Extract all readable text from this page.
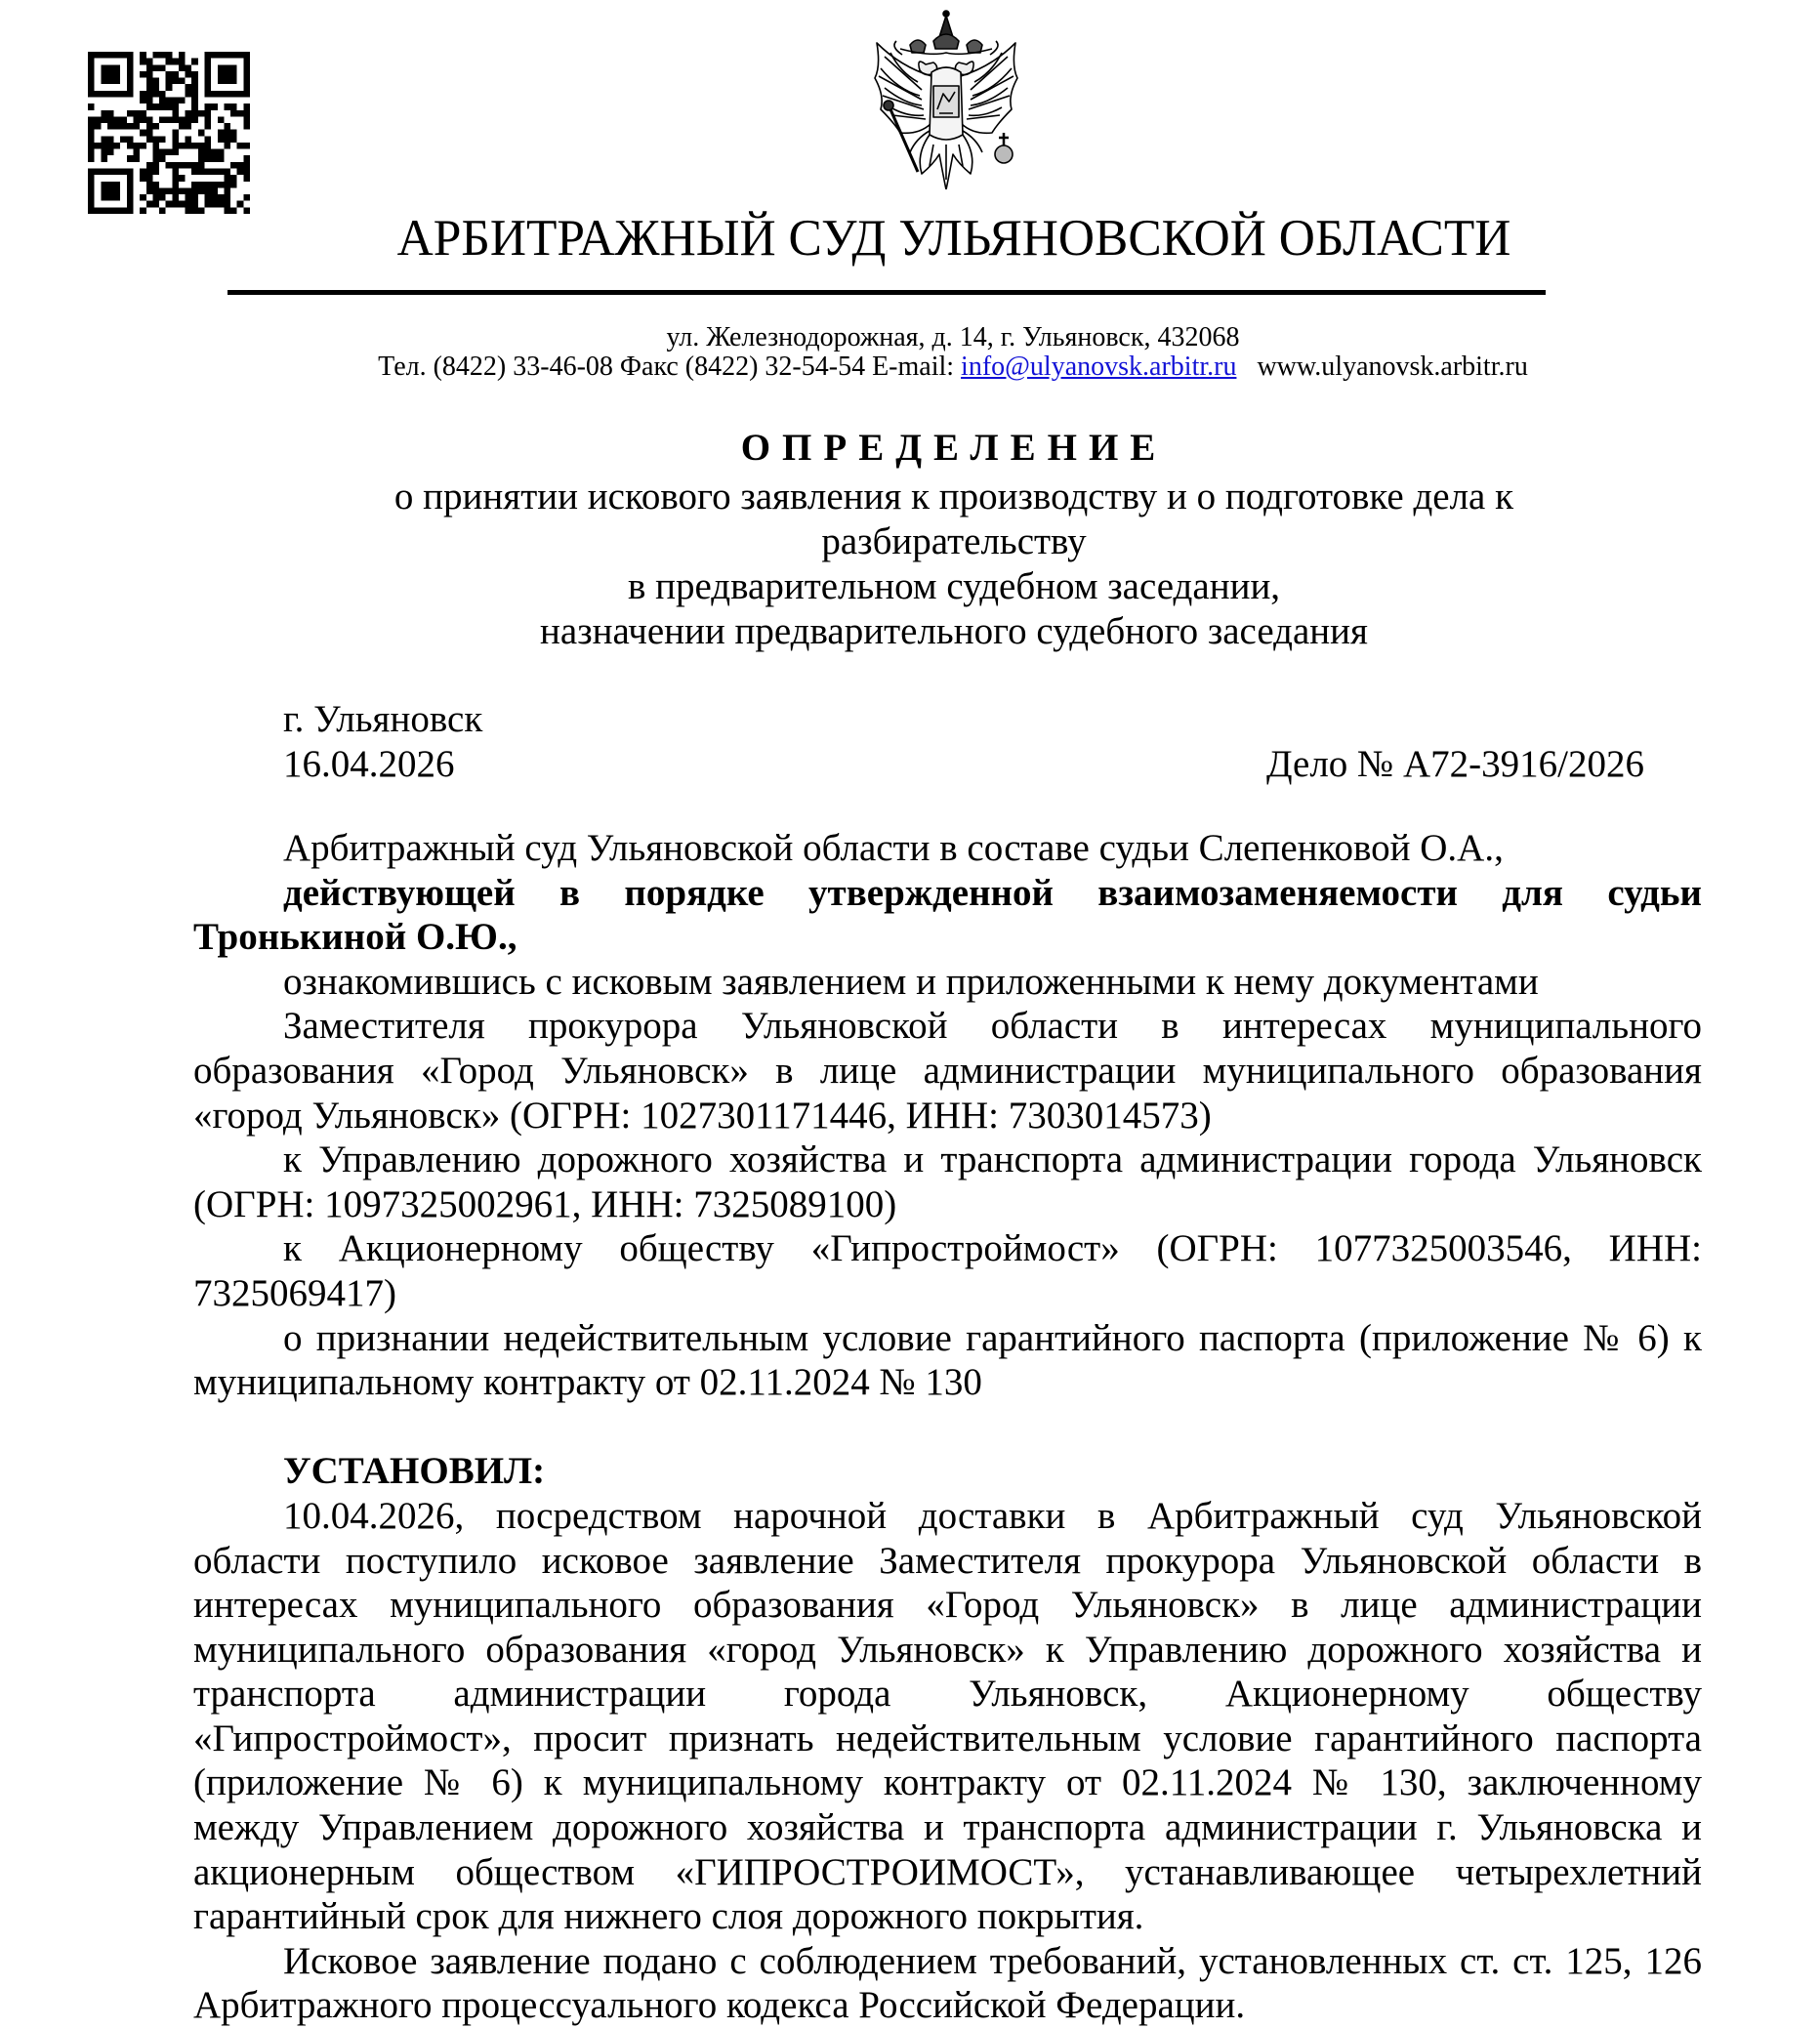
АРБИТРАЖНЫЙ СУД УЛЬЯНОВСКОЙ ОБЛАСТИ
ул. Железнодорожная, д. 14, г. Ульяновск, 432068
Тел. (8422) 33-46-08 Факс (8422) 32-54-54 E-mail: info@ulyanovsk.arbitr.ru www.ulyanovsk.arbitr.ru
ОПРЕДЕЛЕНИЕ
о принятии искового заявления к производству и о подготовке дела к
разбирательству
в предварительном судебном заседании,
назначении предварительного судебного заседания
г. Ульяновск
16.04.2026	Дело № А72-3916/2026
Арбитражный суд Ульяновской области в составе судьи Слепенковой О.А.,
действующей в порядке утвержденной взаимозаменяемости для судьи
Тронькиной О.Ю.,
ознакомившись с исковым заявлением и приложенными к нему документами
Заместителя прокурора Ульяновской области в интересах муниципального
образования «Город Ульяновск» в лице администрации муниципального образования
«город Ульяновск» (ОГРН: 1027301171446, ИНН: 7303014573)
к Управлению дорожного хозяйства и транспорта администрации города Ульяновск
(ОГРН: 1097325002961, ИНН: 7325089100)
к Акционерному обществу «Гипростроймост» (ОГРН: 1077325003546, ИНН:
7325069417)
о признании недействительным условие гарантийного паспорта (приложение № 6) к
муниципальному контракту от 02.11.2024 № 130
УСТАНОВИЛ:
10.04.2026, посредством нарочной доставки в Арбитражный суд Ульяновской
области поступило исковое заявление Заместителя прокурора Ульяновской области в
интересах муниципального образования «Город Ульяновск» в лице администрации
муниципального образования «город Ульяновск» к Управлению дорожного хозяйства и
транспорта администрации города Ульяновск, Акционерному обществу
«Гипростроймост», просит признать недействительным условие гарантийного паспорта
(приложение № 6) к муниципальному контракту от 02.11.2024 № 130, заключенному
между Управлением дорожного хозяйства и транспорта администрации г. Ульяновска и
акционерным обществом «ГИПРОСТРОИМОСТ», устанавливающее четырехлетний
гарантийный срок для нижнего слоя дорожного покрытия.
Исковое заявление подано с соблюдением требований, установленных ст. ст. 125, 126
Арбитражного процессуального кодекса Российской Федерации.
